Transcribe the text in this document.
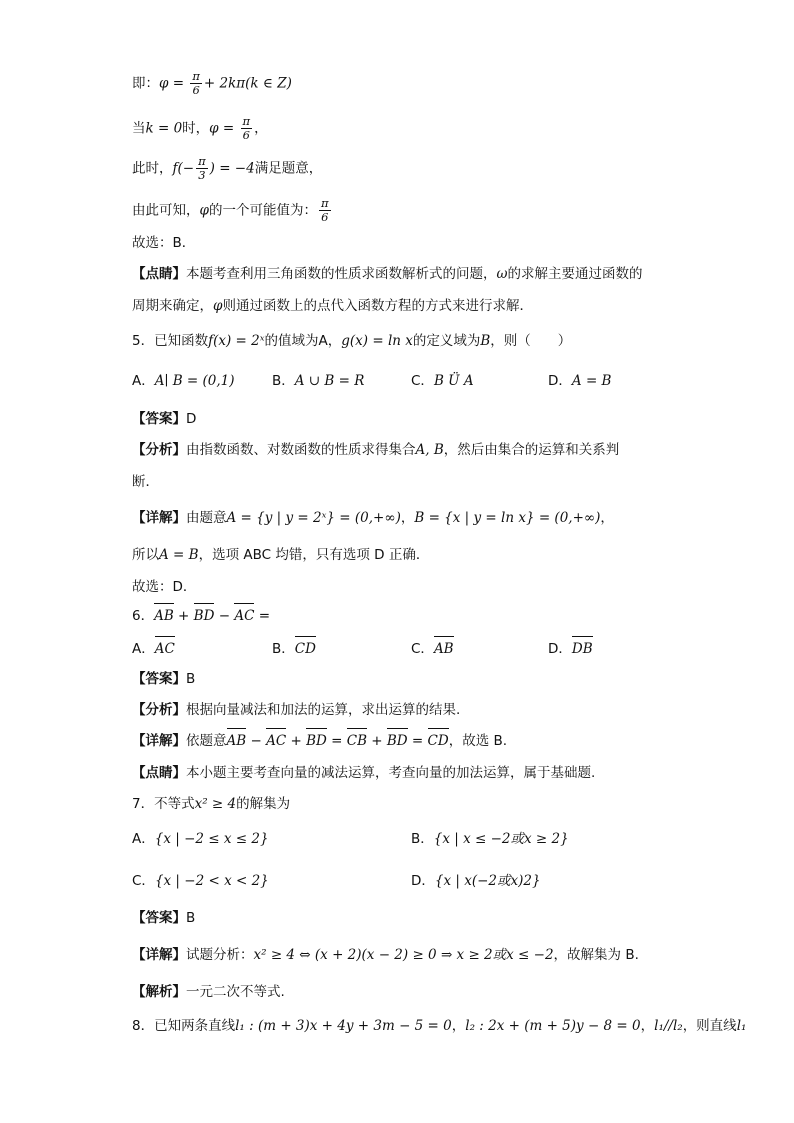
即：$\varphi = \frac{\pi}{6} + 2k\pi(k$ ∈ Z)
当k = 0时，$\varphi = \frac{\pi}{6}$ ，
此时，$f(- \frac{\pi}{3}$ ) = −4满足题意，
由此可知，φ的一个可能值为： $\frac{\pi}{6}$
故选：B．
【点睛】本题考查利用三角函数的性质求函数解析式的问题，ω的求解主要通过函数的
周期来确定，φ则通过函数上的点代入函数方程的方式来进行求解．
5．已知函数f(x) = 2ˣ的值域为A，g(x) = ln x的定义域为B，则（　　）
A．A∣ B = (0,1)	B．A ∪ B = R	C．B Ü A	D．A = B
【答案】D
【分析】由指数函数、对数函数的性质求得集合A, B，然后由集合的运算和关系判
断．
【详解】由题意A = {y | y = 2ˣ} = (0,+∞)，B = {x | y = ln x} = (0,+∞)，
所以A = B，选项 ABC 均错，只有选项 D 正确．
故选：D．
6．AB + BD − AC =
A．AC	B．CD	C．AB	D．DB
【答案】B
【分析】根据向量减法和加法的运算，求出运算的结果.
【详解】依题意AB − AC + BD = CB + BD = CD，故选 B.
【点睛】本小题主要考查向量的减法运算，考查向量的加法运算，属于基础题.
7．不等式x² ≥ 4的解集为
A．{x | −2 ≤ x ≤ 2}	B．{x | x ≤ −2或x ≥ 2}
C．{x | −2 < x < 2}	D．{x | x(−2或x)2}
【答案】B
【详解】试题分析：x² ≥ 4 ⇔ (x + 2)(x − 2) ≥ 0 ⇒ x ≥ 2或x ≤ −2，故解集为 B.
【解析】一元二次不等式.
8．已知两条直线l₁ : (m + 3)x + 4y + 3m − 5 = 0，l₂ : 2x + (m + 5)y − 8 = 0，l₁//l₂，则直线l₁
